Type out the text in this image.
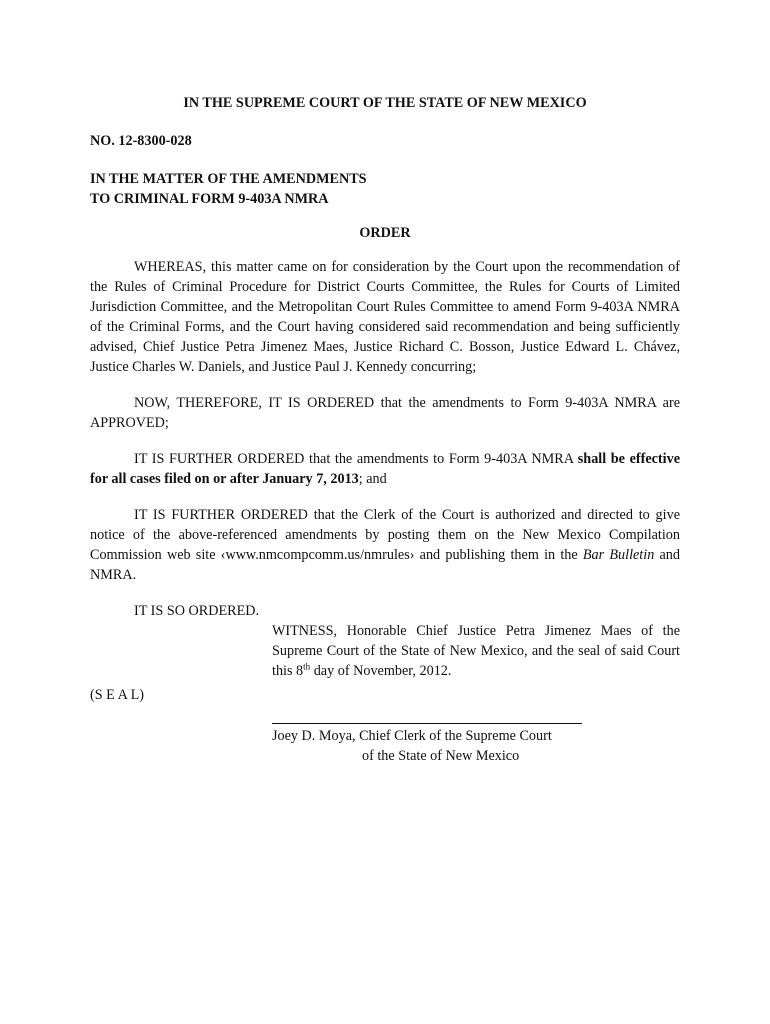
IN THE SUPREME COURT OF THE STATE OF NEW MEXICO

NO. 12-8300-028

IN THE MATTER OF THE AMENDMENTS

TO CRIMINAL FORM 9-403A NMRA

ORDER

WHEREAS, this matter came on for consideration by the Court upon the recommendation of the Rules of Criminal Procedure for District Courts Committee, the Rules for Courts of Limited Jurisdiction Committee, and the Metropolitan Court Rules Committee to amend Form 9-403A NMRA of the Criminal Forms, and the Court having considered said recommendation and being sufficiently advised, Chief Justice Petra Jimenez Maes, Justice Richard C. Bosson, Justice Edward L. Chávez, Justice Charles W. Daniels, and Justice Paul J. Kennedy concurring;

NOW, THEREFORE, IT IS ORDERED that the amendments to Form 9-403A NMRA are APPROVED;

IT IS FURTHER ORDERED that the amendments to Form 9-403A NMRA shall be effective for all cases filed on or after January 7, 2013; and

IT IS FURTHER ORDERED that the Clerk of the Court is authorized and directed to give notice of the above-referenced amendments by posting them on the New Mexico Compilation Commission web site ‹www.nmcompcomm.us/nmrules› and publishing them in the Bar Bulletin and NMRA.

IT IS SO ORDERED.

WITNESS, Honorable Chief Justice Petra Jimenez Maes of the Supreme Court of the State of New Mexico, and the seal of said Court this 8th day of November, 2012.

(S E A L)

Joey D. Moya, Chief Clerk of the Supreme Court

of the State of New Mexico
